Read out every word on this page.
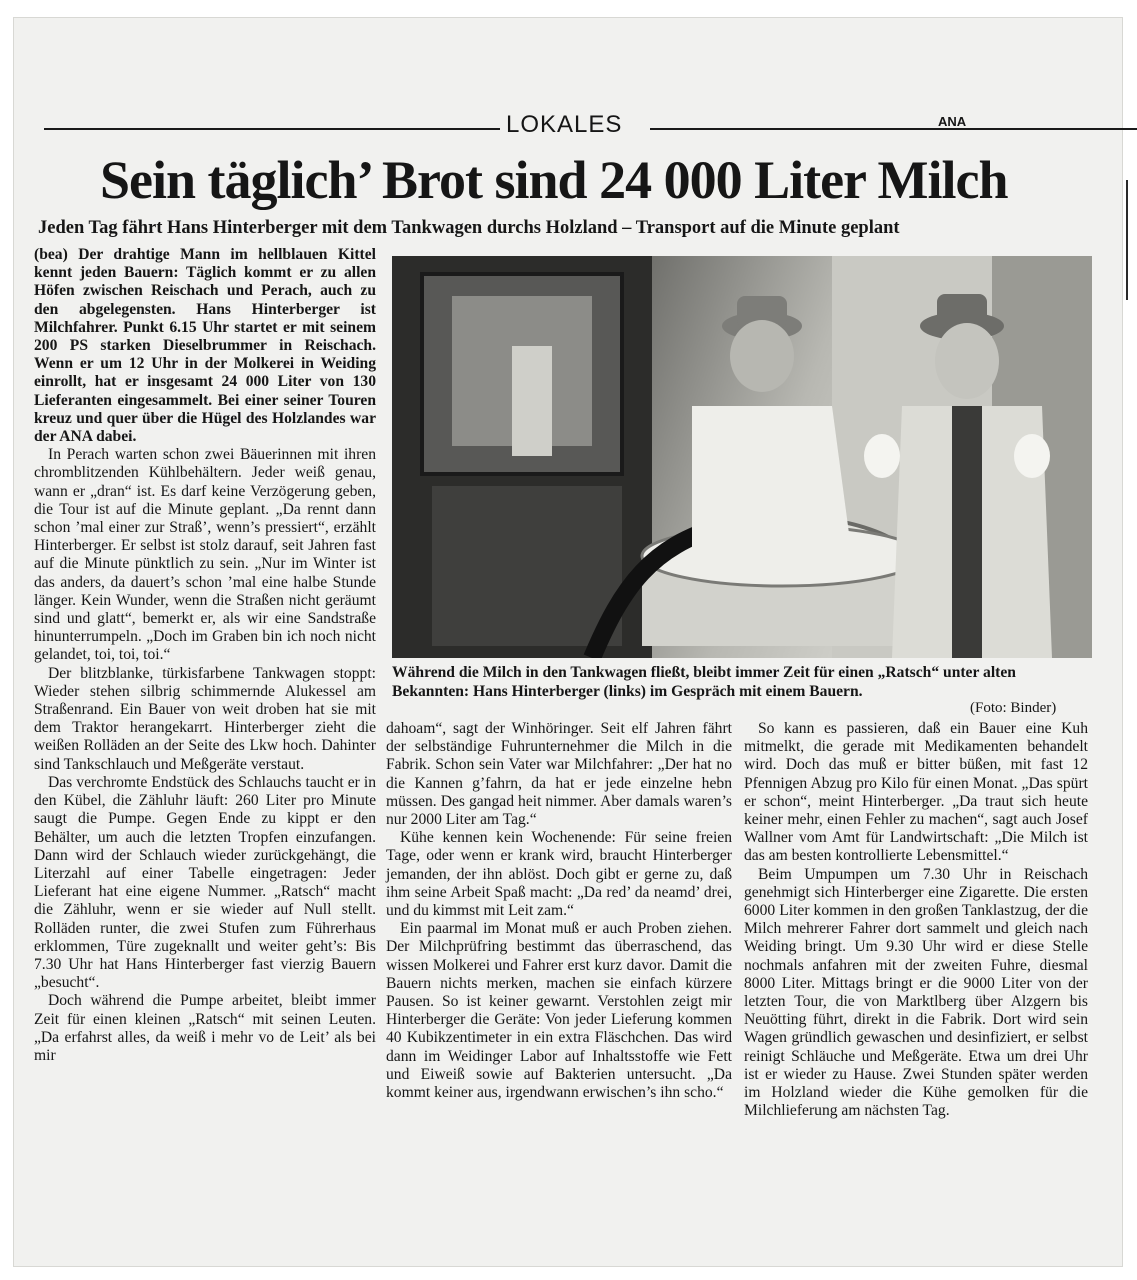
LOKALES	ANA
Sein täglich’ Brot sind 24 000 Liter Milch
Jeden Tag fährt Hans Hinterberger mit dem Tankwagen durchs Holzland – Transport auf die Minute geplant

(bea) Der drahtige Mann im hellblauen Kittel kennt jeden Bauern: Täglich kommt er zu allen Höfen zwischen Reischach und Perach, auch zu den abgelegensten. Hans Hinterberger ist Milchfahrer. Punkt 6.15 Uhr startet er mit seinem 200 PS starken Dieselbrummer in Reischach. Wenn er um 12 Uhr in der Molkerei in Weiding einrollt, hat er insgesamt 24 000 Liter von 130 Lieferanten eingesammelt. Bei einer seiner Touren kreuz und quer über die Hügel des Holzlandes war der ANA dabei.

In Perach warten schon zwei Bäuerinnen mit ihren chromblitzenden Kühlbehältern. Jeder weiß genau, wann er „dran“ ist. Es darf keine Verzögerung geben, die Tour ist auf die Minute geplant. „Da rennt dann schon ’mal einer zur Straß’, wenn’s pressiert“, erzählt Hinterberger. Er selbst ist stolz darauf, seit Jahren fast auf die Minute pünktlich zu sein. „Nur im Winter ist das anders, da dauert’s schon ’mal eine halbe Stunde länger. Kein Wunder, wenn die Straßen nicht geräumt sind und glatt“, bemerkt er, als wir eine Sandstraße hinunterrumpeln. „Doch im Graben bin ich noch nicht gelandet, toi, toi, toi.“

Der blitzblanke, türkisfarbene Tankwagen stoppt: Wieder stehen silbrig schimmernde Alukessel am Straßenrand. Ein Bauer von weit droben hat sie mit dem Traktor herangekarrt. Hinterberger zieht die weißen Rolläden an der Seite des Lkw hoch. Dahinter sind Tankschlauch und Meßgeräte verstaut.

Das verchromte Endstück des Schlauchs taucht er in den Kübel, die Zähluhr läuft: 260 Liter pro Minute saugt die Pumpe. Gegen Ende zu kippt er den Behälter, um auch die letzten Tropfen einzufangen. Dann wird der Schlauch wieder zurückgehängt, die Literzahl auf einer Tabelle eingetragen: Jeder Lieferant hat eine eigene Nummer. „Ratsch“ macht die Zähluhr, wenn er sie wieder auf Null stellt. Rolläden runter, die zwei Stufen zum Führerhaus erklommen, Türe zugeknallt und weiter geht’s: Bis 7.30 Uhr hat Hans Hinterberger fast vierzig Bauern „besucht“.

Doch während die Pumpe arbeitet, bleibt immer Zeit für einen kleinen „Ratsch“ mit seinen Leuten. „Da erfahrst alles, da weiß i mehr vo de Leit’ als bei mir

Während die Milch in den Tankwagen fließt, bleibt immer Zeit für einen „Ratsch“ unter alten Bekannten: Hans Hinterberger (links) im Gespräch mit einem Bauern.
(Foto: Binder)

dahoam“, sagt der Winhöringer. Seit elf Jahren fährt der selbständige Fuhrunternehmer die Milch in die Fabrik. Schon sein Vater war Milchfahrer: „Der hat no die Kannen g’fahrn, da hat er jede einzelne hebn müssen. Des gangad heit nimmer. Aber damals waren’s nur 2000 Liter am Tag.“

Kühe kennen kein Wochenende: Für seine freien Tage, oder wenn er krank wird, braucht Hinterberger jemanden, der ihn ablöst. Doch gibt er gerne zu, daß ihm seine Arbeit Spaß macht: „Da red’ da neamd’ drei, und du kimmst mit Leit zam.“

Ein paarmal im Monat muß er auch Proben ziehen. Der Milchprüfring bestimmt das überraschend, das wissen Molkerei und Fahrer erst kurz davor. Damit die Bauern nichts merken, machen sie einfach kürzere Pausen. So ist keiner gewarnt. Verstohlen zeigt mir Hinterberger die Geräte: Von jeder Lieferung kommen 40 Kubikzentimeter in ein extra Fläschchen. Das wird dann im Weidinger Labor auf Inhaltsstoffe wie Fett und Eiweiß sowie auf Bakterien untersucht. „Da kommt keiner aus, irgendwann erwischen’s ihn scho.“

So kann es passieren, daß ein Bauer eine Kuh mitmelkt, die gerade mit Medikamenten behandelt wird. Doch das muß er bitter büßen, mit fast 12 Pfennigen Abzug pro Kilo für einen Monat. „Das spürt er schon“, meint Hinterberger. „Da traut sich heute keiner mehr, einen Fehler zu machen“, sagt auch Josef Wallner vom Amt für Landwirtschaft: „Die Milch ist das am besten kontrollierte Lebensmittel.“

Beim Umpumpen um 7.30 Uhr in Reischach genehmigt sich Hinterberger eine Zigarette. Die ersten 6000 Liter kommen in den großen Tanklastzug, der die Milch mehrerer Fahrer dort sammelt und gleich nach Weiding bringt. Um 9.30 Uhr wird er diese Stelle nochmals anfahren mit der zweiten Fuhre, diesmal 8000 Liter. Mittags bringt er die 9000 Liter von der letzten Tour, die von Marktlberg über Alzgern bis Neuötting führt, direkt in die Fabrik. Dort wird sein Wagen gründlich gewaschen und desinfiziert, er selbst reinigt Schläuche und Meßgeräte. Etwa um drei Uhr ist er wieder zu Hause. Zwei Stunden später werden im Holzland wieder die Kühe gemolken für die Milchlieferung am nächsten Tag.
